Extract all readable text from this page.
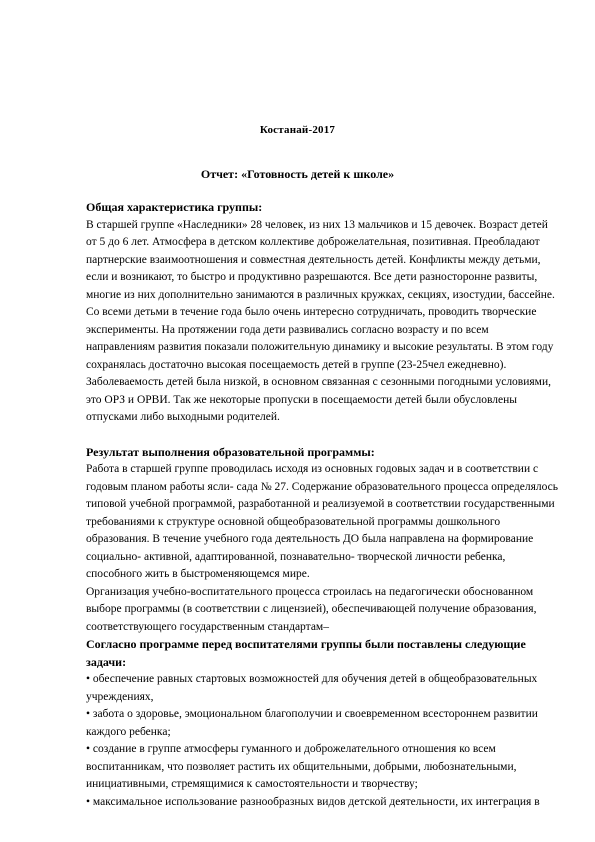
Костанай-2017
Отчет: «Готовность детей к школе»

Общая характеристика группы:

В старшей группе «Наследники» 28 человек, из них 13 мальчиков и 15 девочек. Возраст детей от 5 до 6 лет. Атмосфера в детском коллективе доброжелательная, позитивная. Преобладают партнерские взаимоотношения и совместная деятельность детей. Конфликты между детьми, если и возникают, то быстро и продуктивно разрешаются. Все дети разносторонне развиты, многие из них дополнительно занимаются в различных кружках, секциях, изостудии, бассейне. Со всеми детьми в течение года было очень интересно сотрудничать, проводить творческие эксперименты. На протяжении года дети развивались согласно возрасту и по всем направлениям развития показали положительную динамику и высокие результаты. В этом году сохранялась достаточно высокая посещаемость детей в группе (23-25чел ежедневно). Заболеваемость детей была низкой, в основном связанная с сезонными погодными условиями, это ОРЗ и ОРВИ. Так же некоторые пропуски в посещаемости детей были обусловлены отпусками либо выходными родителей.

Результат выполнения образовательной программы:

Работа в старшей группе проводилась исходя из основных годовых задач и в соответствии с годовым планом работы ясли- сада № 27. Содержание образовательного процесса определялось типовой учебной программой, разработанной и реализуемой в соответствии государственными требованиями к структуре основной общеобразовательной программы дошкольного образования. В течение учебного года деятельность ДО была направлена на формирование социально- активной, адаптированной, познавательно- творческой личности ребенка, способного жить в быстроменяющемся мире.

Организация учебно-воспитательного процесса строилась на педагогически обоснованном выборе программы (в соответствии с лицензией), обеспечивающей получение образования, соответствующего государственным стандартам–

Согласно программе перед воспитателями группы были поставлены следующие задачи:

• обеспечение равных стартовых возможностей для обучения детей в общеобразовательных учреждениях,

• забота о здоровье, эмоциональном благополучии и своевременном всестороннем развитии каждого ребенка;

• создание в группе атмосферы гуманного и доброжелательного отношения ко всем воспитанникам, что позволяет растить их общительными, добрыми, любознательными, инициативными, стремящимися к самостоятельности и творчеству;

• максимальное использование разнообразных видов детской деятельности, их интеграция в
